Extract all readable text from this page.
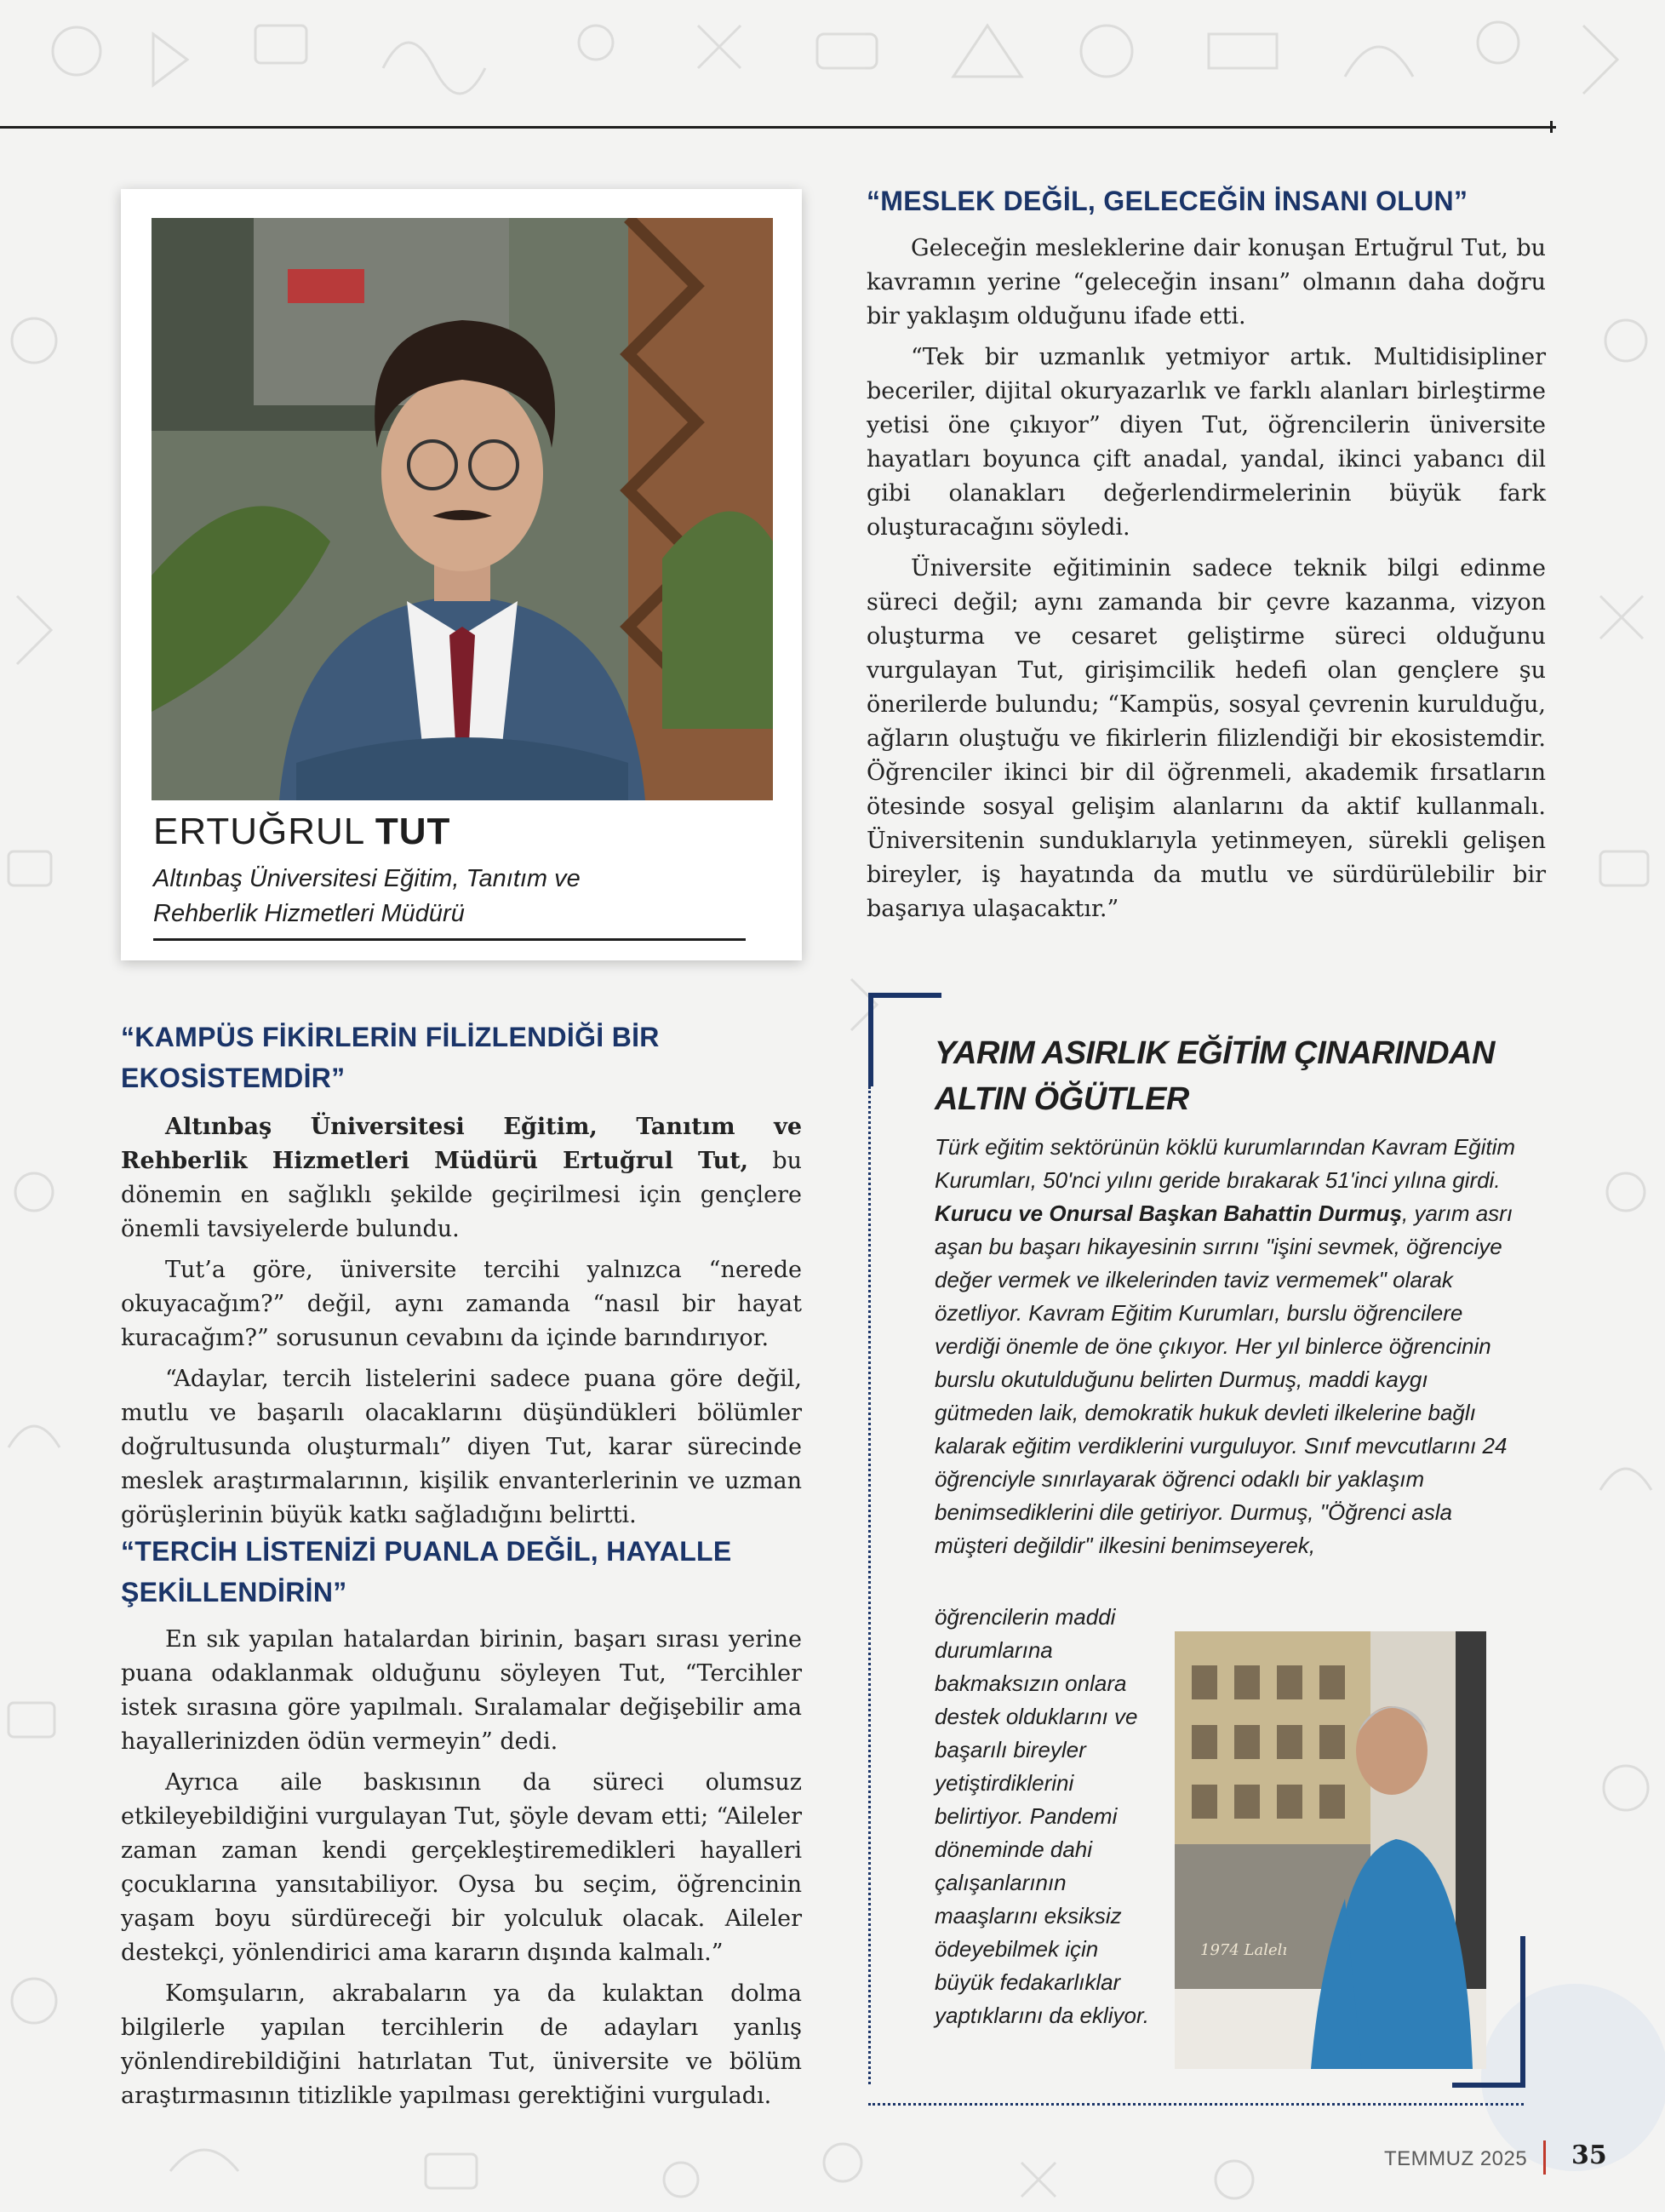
ERTUĞRUL TUT

Altınbaş Üniversitesi Eğitim, Tanıtım ve
Rehberlik Hizmetleri Müdürü

“MESLEK DEĞİL, GELECEĞİN İNSANI OLUN”

Geleceğin mesleklerine dair konuşan Ertuğrul Tut, bu kavramın yerine “geleceğin insanı” olmanın daha doğru bir yaklaşım olduğunu ifade etti.

“Tek bir uzmanlık yetmiyor artık. Multidisipliner beceriler, dijital okuryazarlık ve farklı alanları birleştirme yetisi öne çıkıyor” diyen Tut, öğrencilerin üniversite hayatları boyunca çift anadal, yandal, ikinci yabancı dil gibi olanakları değerlendirmelerinin büyük fark oluşturacağını söyledi.

Üniversite eğitiminin sadece teknik bilgi edinme süreci değil; aynı zamanda bir çevre kazanma, vizyon oluşturma ve cesaret geliştirme süreci olduğunu vurgulayan Tut, girişimcilik hedefi olan gençlere şu önerilerde bulundu; “Kampüs, sosyal çevrenin kurulduğu, ağların oluştuğu ve fikirlerin filizlendiği bir ekosistemdir. Öğrenciler ikinci bir dil öğrenmeli, akademik fırsatların ötesinde sosyal gelişim alanlarını da aktif kullanmalı. Üniversitenin sunduklarıyla yetinmeyen, sürekli gelişen bireyler, iş hayatında da mutlu ve sürdürülebilir bir başarıya ulaşacaktır.”

“KAMPÜS FİKİRLERİN FİLİZLENDİĞİ BİR
EKOSİSTEMDİR”

Altınbaş Üniversitesi Eğitim, Tanıtım ve Rehberlik Hizmetleri Müdürü Ertuğrul Tut, bu dönemin en sağlıklı şekilde geçirilmesi için gençlere önemli tavsiyelerde bulundu.

Tut’a göre, üniversite tercihi yalnızca “nerede okuyacağım?” değil, aynı zamanda “nasıl bir hayat kuracağım?” sorusunun cevabını da içinde barındırıyor.

“Adaylar, tercih listelerini sadece puana göre değil, mutlu ve başarılı olacaklarını düşündükleri bölümler doğrultusunda oluşturmalı” diyen Tut, karar sürecinde meslek araştırmalarının, kişilik envanterlerinin ve uzman görüşlerinin büyük katkı sağladığını belirtti.

“TERCİH LİSTENİZİ PUANLA DEĞİL, HAYALLE
ŞEKİLLENDİRİN”

En sık yapılan hatalardan birinin, başarı sırası yerine puana odaklanmak olduğunu söyleyen Tut, “Tercihler istek sırasına göre yapılmalı. Sıralamalar değişebilir ama hayallerinizden ödün vermeyin” dedi.

Ayrıca aile baskısının da süreci olumsuz etkileyebildiğini vurgulayan Tut, şöyle devam etti; “Aileler zaman zaman kendi gerçekleştiremedikleri hayalleri çocuklarına yansıtabiliyor. Oysa bu seçim, öğrencinin yaşam boyu sürdüreceği bir yolculuk olacak. Aileler destekçi, yönlendirici ama kararın dışında kalmalı.”

Komşuların, akrabaların ya da kulaktan dolma bilgilerle yapılan tercihlerin de adayları yanlış yönlendirebildiğini hatırlatan Tut, üniversite ve bölüm araştırmasının titizlikle yapılması gerektiğini vurguladı.

YARIM ASIRLIK EĞİTİM ÇINARINDAN
ALTIN ÖĞÜTLER

Türk eğitim sektörünün köklü kurumlarından Kavram Eğitim Kurumları, 50'nci yılını geride bırakarak 51'inci yılına girdi. Kurucu ve Onursal Başkan Bahattin Durmuş, yarım asrı aşan bu başarı hikayesinin sırrını "işini sevmek, öğrenciye değer vermek ve ilkelerinden taviz vermemek" olarak özetliyor. Kavram Eğitim Kurumları, burslu öğrencilere verdiği önemle de öne çıkıyor. Her yıl binlerce öğrencinin burslu okutulduğunu belirten Durmuş, maddi kaygı gütmeden laik, demokratik hukuk devleti ilkelerine bağlı kalarak eğitim verdiklerini vurguluyor. Sınıf mevcutlarını 24 öğrenciyle sınırlayarak öğrenci odaklı bir yaklaşım benimsediklerini dile getiriyor. Durmuş, "Öğrenci asla müşteri değildir" ilkesini benimseyerek,

öğrencilerin maddi durumlarına bakmaksızın onlara destek olduklarını ve başarılı bireyler yetiştirdiklerini belirtiyor. Pandemi döneminde dahi çalışanlarının maaşlarını eksiksiz ödeyebilmek için büyük fedakarlıklar yaptıklarını da ekliyor.

1974 Lalelı
TEMMUZ 2025 35
